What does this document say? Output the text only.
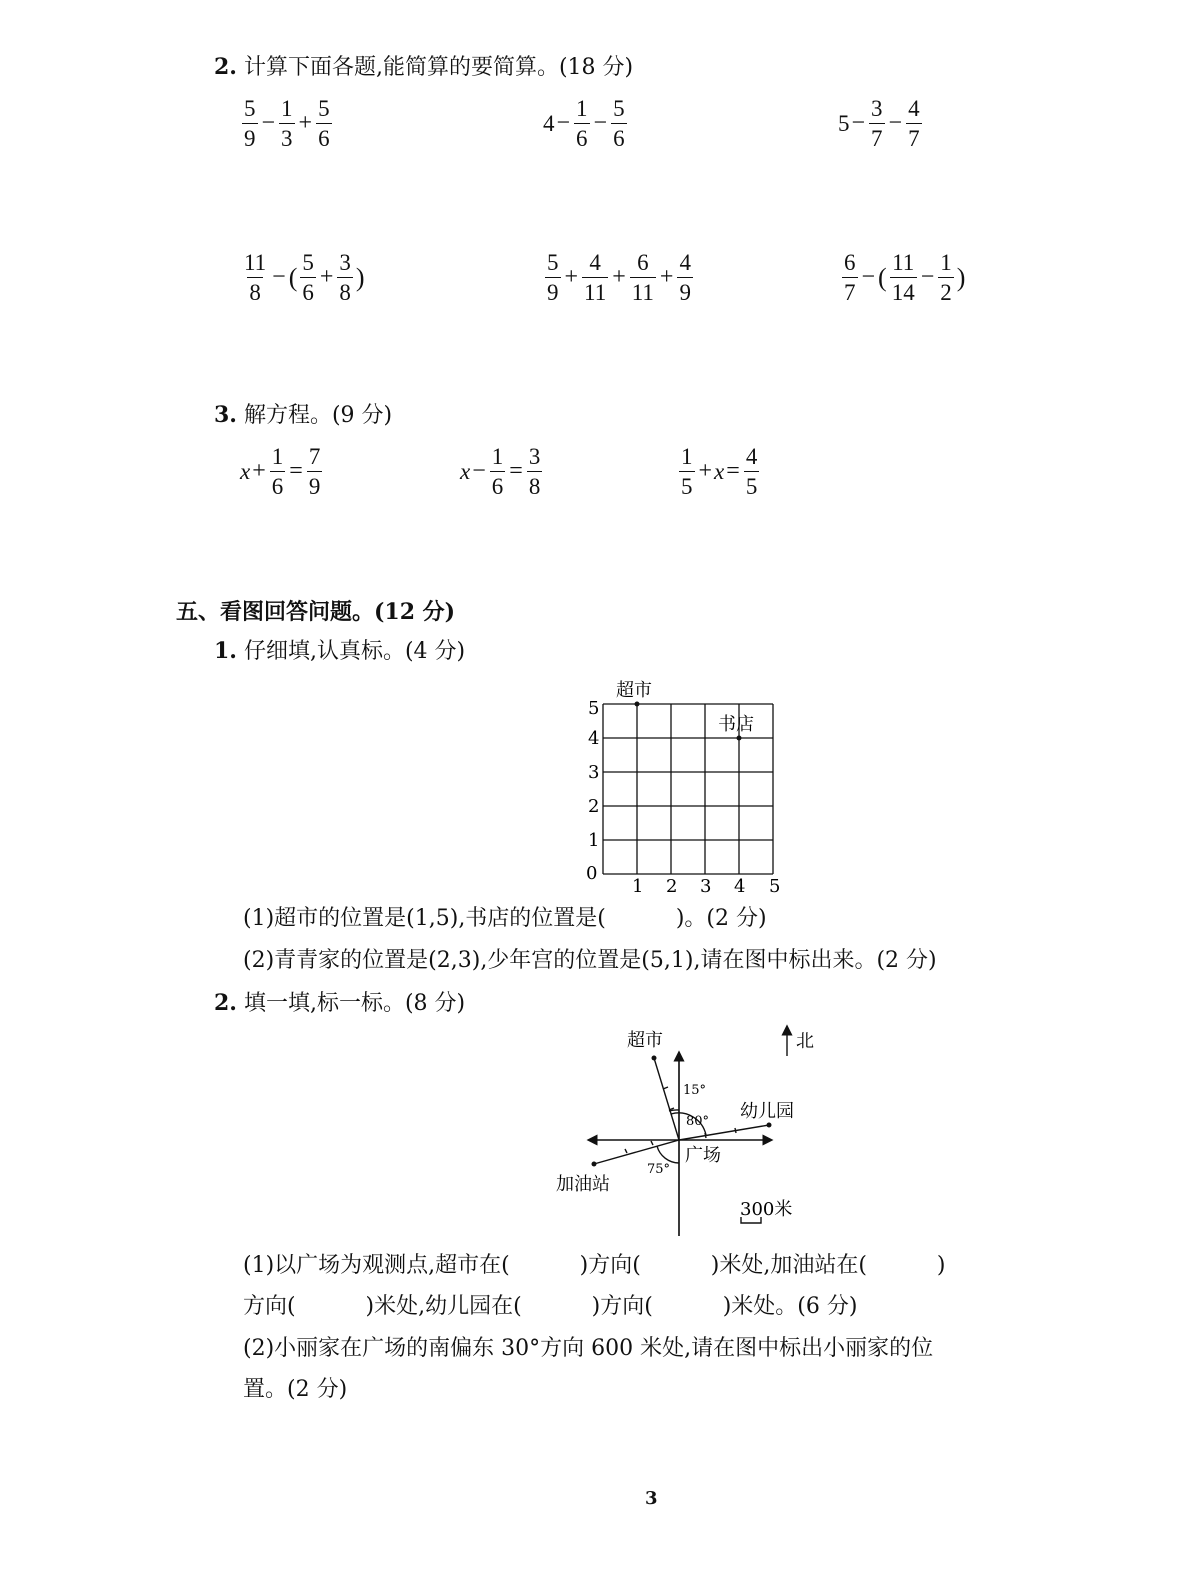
2. 计算下面各题,能简算的要简算。(18 分)
$\frac{5}{9} - \frac{1}{3} + \frac{5}{6}$	$4 - \frac{1}{6} - \frac{5}{6}$	$5 - \frac{3}{7} - \frac{4}{7}$
$\frac{11}{8}$ − ( $\frac{5}{6} + \frac{3}{8}$ )	$\frac{5}{9} + \frac{4}{11} + \frac{6}{11} + \frac{4}{9}$	$\frac{6}{7}$ − ( $\frac{11}{14} - \frac{1}{2}$ )
3. 解方程。(9 分)
$x + \frac{1}{6} = \frac{7}{9}$	$x - \frac{1}{6} = \frac{3}{8}$	$\frac{1}{5} + x = \frac{4}{5}$
五、看图回答问题。(12 分)
1. 仔细填,认真标。(4 分)
超市
书店
0
1 2 3 4 5
1
2
3
4
5
(1)超市的位置是(1,5),书店的位置是(          )。(2 分)
(2)青青家的位置是(2,3),少年宫的位置是(5,1),请在图中标出来。(2 分)
2. 填一填,标一标。(8 分)
超市	北
幼儿园
广场
加油站
300米
15°
80°
75°
(1)以广场为观测点,超市在(          )方向(          )米处,加油站在(          )
方向(          )米处,幼儿园在(          )方向(          )米处。(6 分)
(2)小丽家在广场的南偏东 30°方向 600 米处,请在图中标出小丽家的位
置。(2 分)
3
